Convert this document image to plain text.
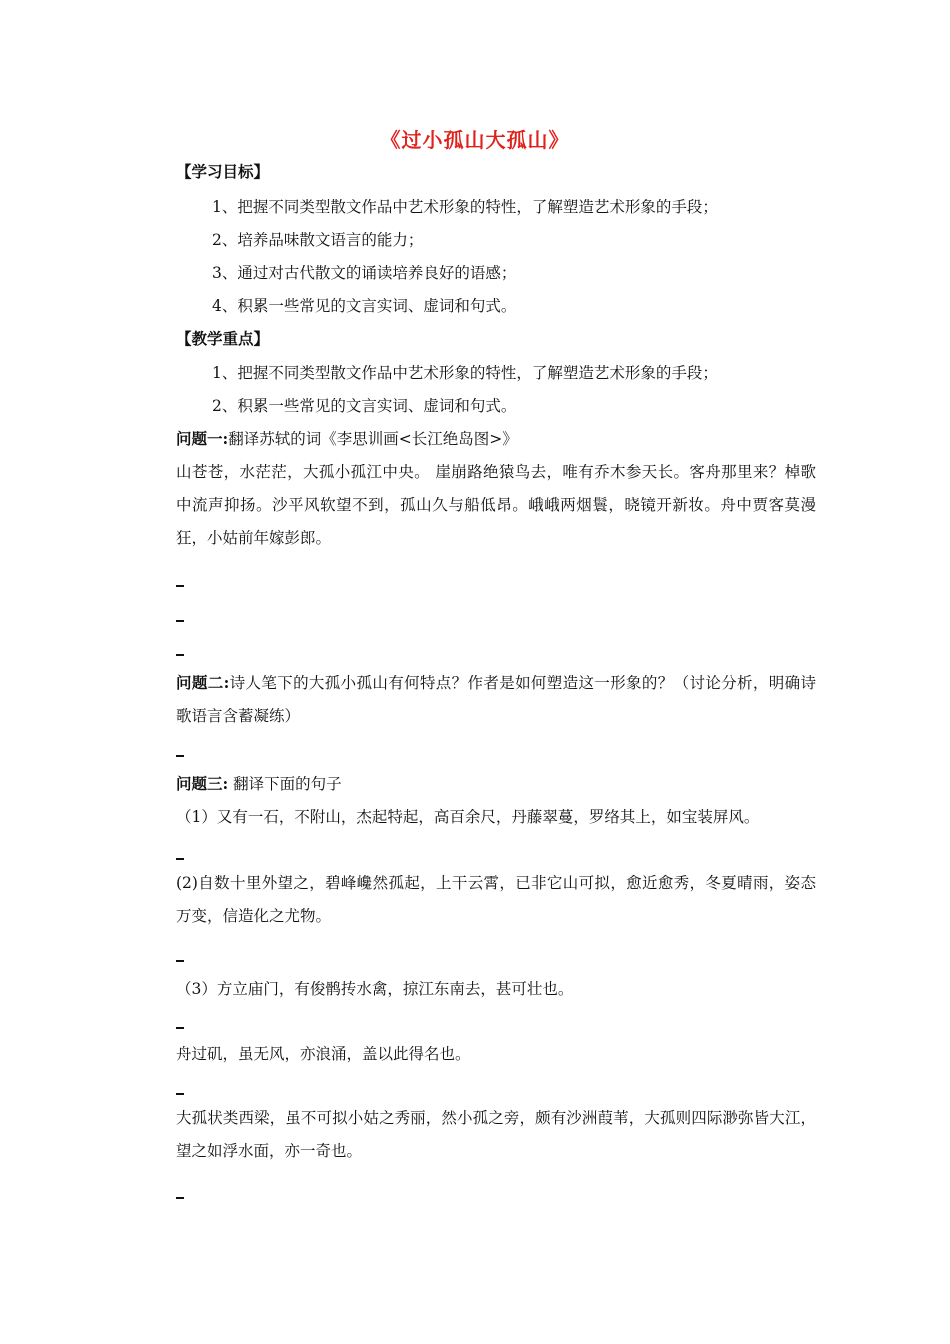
《过小孤山大孤山》
【学习目标】
1、把握不同类型散文作品中艺术形象的特性，了解塑造艺术形象的手段；
2、培养品味散文语言的能力；
3、通过对古代散文的诵读培养良好的语感；
4、积累一些常见的文言实词、虚词和句式。
【教学重点】
1、把握不同类型散文作品中艺术形象的特性，了解塑造艺术形象的手段；
2、积累一些常见的文言实词、虚词和句式。
问题一:翻译苏轼的词《李思训画<长江绝岛图>》
山苍苍，水茫茫，大孤小孤江中央。 崖崩路绝猿鸟去，唯有乔木参天长。客舟那里来？棹歌中流声抑扬。沙平风软望不到，孤山久与船低昂。峨峨两烟鬟，晓镜开新妆。舟中贾客莫漫狂，小姑前年嫁彭郎。
问题二:诗人笔下的大孤小孤山有何特点？作者是如何塑造这一形象的？（讨论分析，明确诗歌语言含蓄凝练）
问题三: 翻译下面的句子
（1）又有一石，不附山，杰起特起，高百余尺，丹藤翠蔓，罗络其上，如宝装屏风。
(2)自数十里外望之，碧峰巉然孤起，上干云霄，已非它山可拟，愈近愈秀，冬夏晴雨，姿态万变，信造化之尤物。
（3）方立庙门，有俊鹘抟水禽，掠江东南去，甚可壮也。
舟过矶，虽无风，亦浪涌，盖以此得名也。
大孤状类西梁，虽不可拟小姑之秀丽，然小孤之旁，颇有沙洲葭苇，大孤则四际渺弥皆大江，望之如浮水面，亦一奇也。
